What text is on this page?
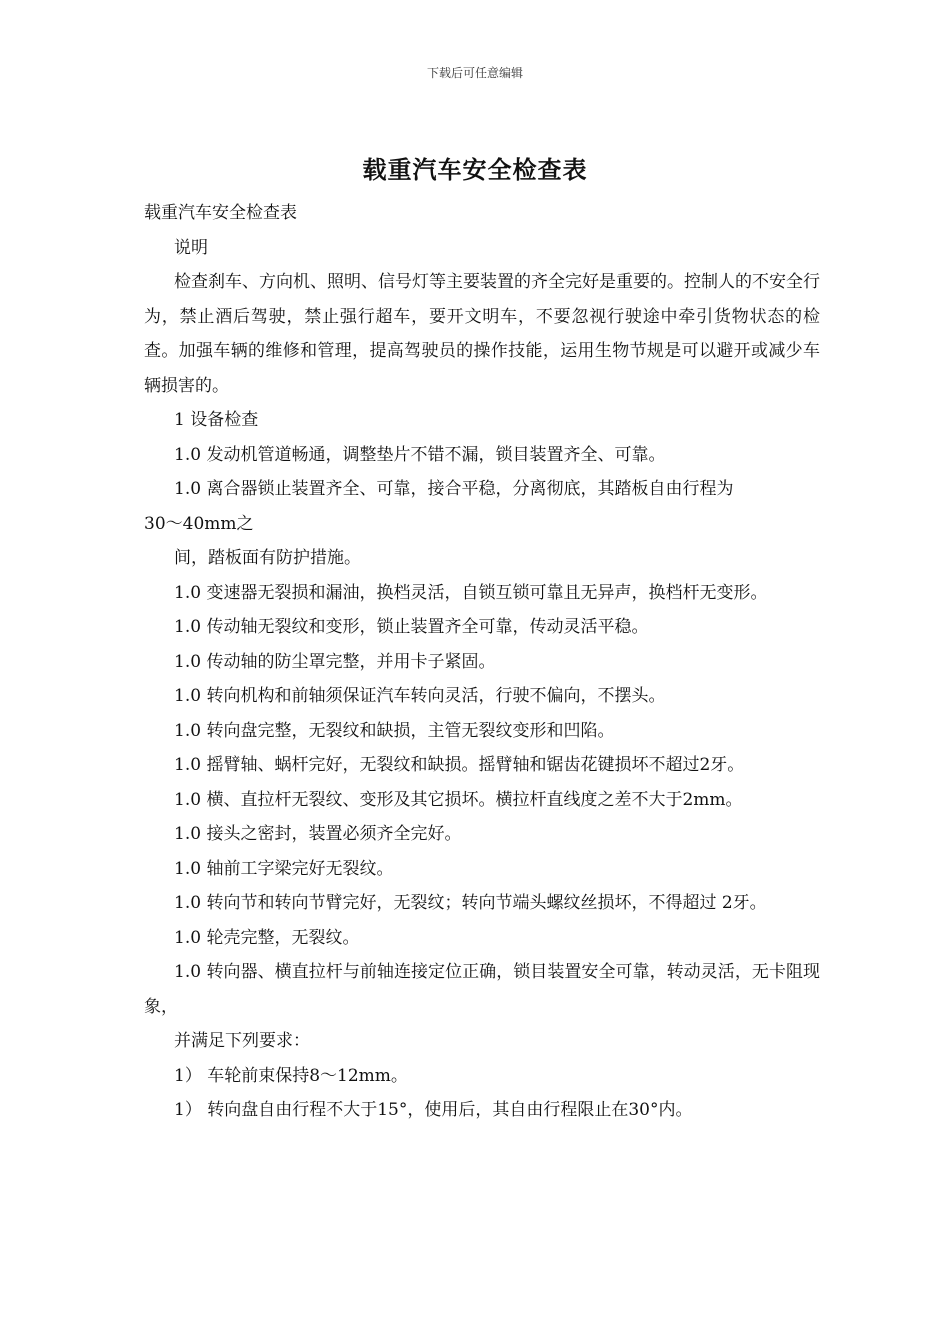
下载后可任意编辑
载重汽车安全检查表

载重汽车安全检查表

说明

检查刹车、方向机、照明、信号灯等主要装置的齐全完好是重要的。控制人的不安全行为，禁止酒后驾驶，禁止强行超车，要开文明车，不要忽视行驶途中牵引货物状态的检查。加强车辆的维修和管理，提高驾驶员的操作技能，运用生物节规是可以避开或减少车辆损害的。

1 设备检查

1.0 发动机管道畅通，调整垫片不错不漏，锁目装置齐全、可靠。

1.0 离合器锁止装置齐全、可靠，接合平稳，分离彻底，其踏板自由行程为

30～40mm之

间，踏板面有防护措施。

1.0 变速器无裂损和漏油，换档灵活，自锁互锁可靠且无异声，换档杆无变形。

1.0 传动轴无裂纹和变形，锁止装置齐全可靠，传动灵活平稳。

1.0 传动轴的防尘罩完整，并用卡子紧固。

1.0 转向机构和前轴须保证汽车转向灵活，行驶不偏向，不摆头。

1.0 转向盘完整，无裂纹和缺损，主管无裂纹变形和凹陷。

1.0 摇臂轴、蜗杆完好，无裂纹和缺损。摇臂轴和锯齿花键损坏不超过2牙。

1.0 横、直拉杆无裂纹、变形及其它损坏。横拉杆直线度之差不大于2mm。

1.0 接头之密封，装置必须齐全完好。

1.0 轴前工字梁完好无裂纹。

1.0 转向节和转向节臂完好，无裂纹；转向节端头螺纹丝损坏，不得超过 2牙。

1.0 轮壳完整，无裂纹。

1.0 转向器、横直拉杆与前轴连接定位正确，锁目装置安全可靠，转动灵活，无卡阻现象，

并满足下列要求：

1） 车轮前束保持8～12mm。

1） 转向盘自由行程不大于15°，使用后，其自由行程限止在30°内。
